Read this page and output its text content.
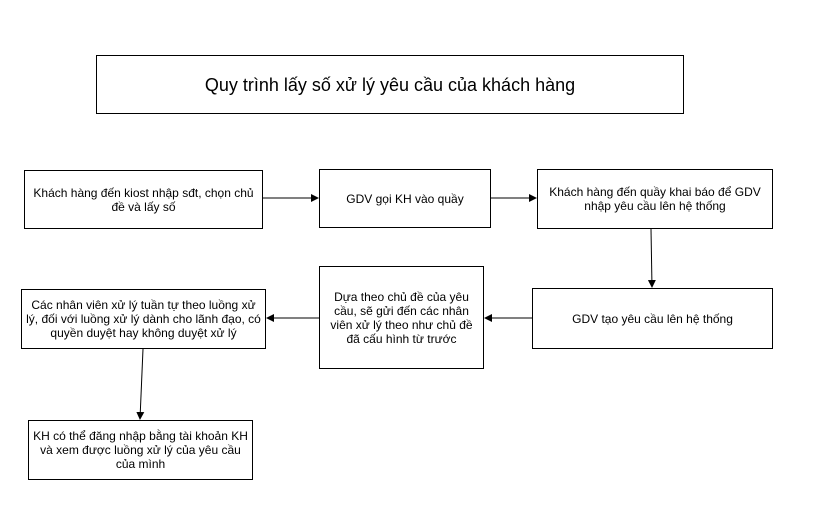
Quy trình lấy số xử lý yêu cầu của khách hàng
Khách hàng đến kiost nhập sđt, chọn chủ đề và lấy số
GDV gọi KH vào quầy	Khách hàng đến quầy khai báo để GDV nhập yêu cầu lên hệ thống
GDV tạo yêu cầu lên hệ thống
Dựa theo chủ đề của yêu cầu, sẽ gửi đến các nhân viên xử lý theo như chủ đề đã cấu hình từ trước
Các nhân viên xử lý tuần tự theo luồng xử lý, đối với luồng xử lý dành cho lãnh đạo, có quyền duyệt hay không duyệt xử lý
KH có thể đăng nhập bằng tài khoản KH và xem được luồng xử lý của yêu cầu của mình
